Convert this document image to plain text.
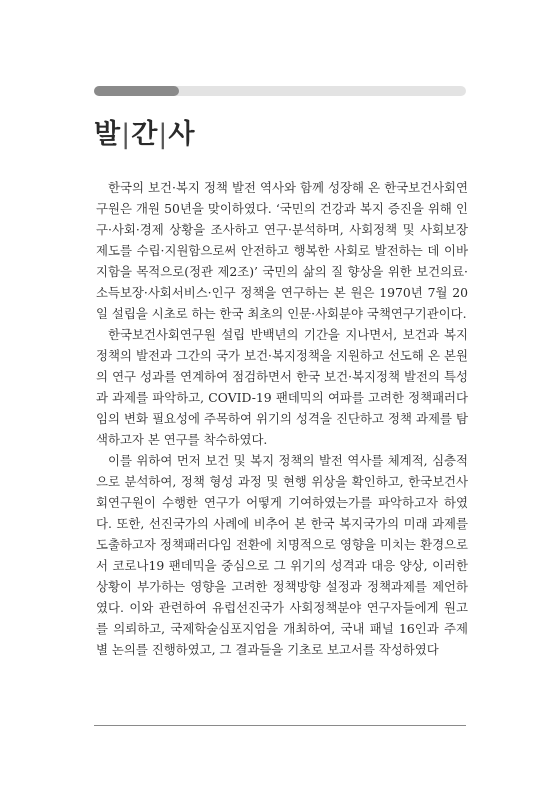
발|간|사

한국의 보건·복지 정책 발전 역사와 함께 성장해 온 한국보건사회연구원은 개원 50년을 맞이하였다. ‘국민의 건강과 복지 증진을 위해 인구·사회·경제 상황을 조사하고 연구·분석하며, 사회정책 및 사회보장제도를 수립·지원함으로써 안전하고 행복한 사회로 발전하는 데 이바지함을 목적으로(정관 제2조)’ 국민의 삶의 질 향상을 위한 보건의료·소득보장·사회서비스·인구 정책을 연구하는 본 원은 1970년 7월 20일 설립을 시초로 하는 한국 최초의 인문·사회분야 국책연구기관이다.

한국보건사회연구원 설립 반백년의 기간을 지나면서, 보건과 복지 정책의 발전과 그간의 국가 보건·복지정책을 지원하고 선도해 온 본원의 연구 성과를 연계하여 점검하면서 한국 보건·복지정책 발전의 특성과 과제를 파악하고, COVID-19 팬데믹의 여파를 고려한 정책패러다임의 변화 필요성에 주목하여 위기의 성격을 진단하고 정책 과제를 탐색하고자 본 연구를 착수하였다.

이를 위하여 먼저 보건 및 복지 정책의 발전 역사를 체계적, 심층적으로 분석하여, 정책 형성 과정 및 현행 위상을 확인하고, 한국보건사회연구원이 수행한 연구가 어떻게 기여하였는가를 파악하고자 하였다. 또한, 선진국가의 사례에 비추어 본 한국 복지국가의 미래 과제를 도출하고자 정책패러다임 전환에 치명적으로 영향을 미치는 환경으로서 코로나19 팬데믹을 중심으로 그 위기의 성격과 대응 양상, 이러한 상황이 부가하는 영향을 고려한 정책방향 설정과 정책과제를 제언하였다. 이와 관련하여 유럽선진국가 사회정책분야 연구자들에게 원고를 의뢰하고, 국제학술심포지엄을 개최하여, 국내 패널 16인과 주제별 논의를 진행하였고, 그 결과들을 기초로 보고서를 작성하였다
